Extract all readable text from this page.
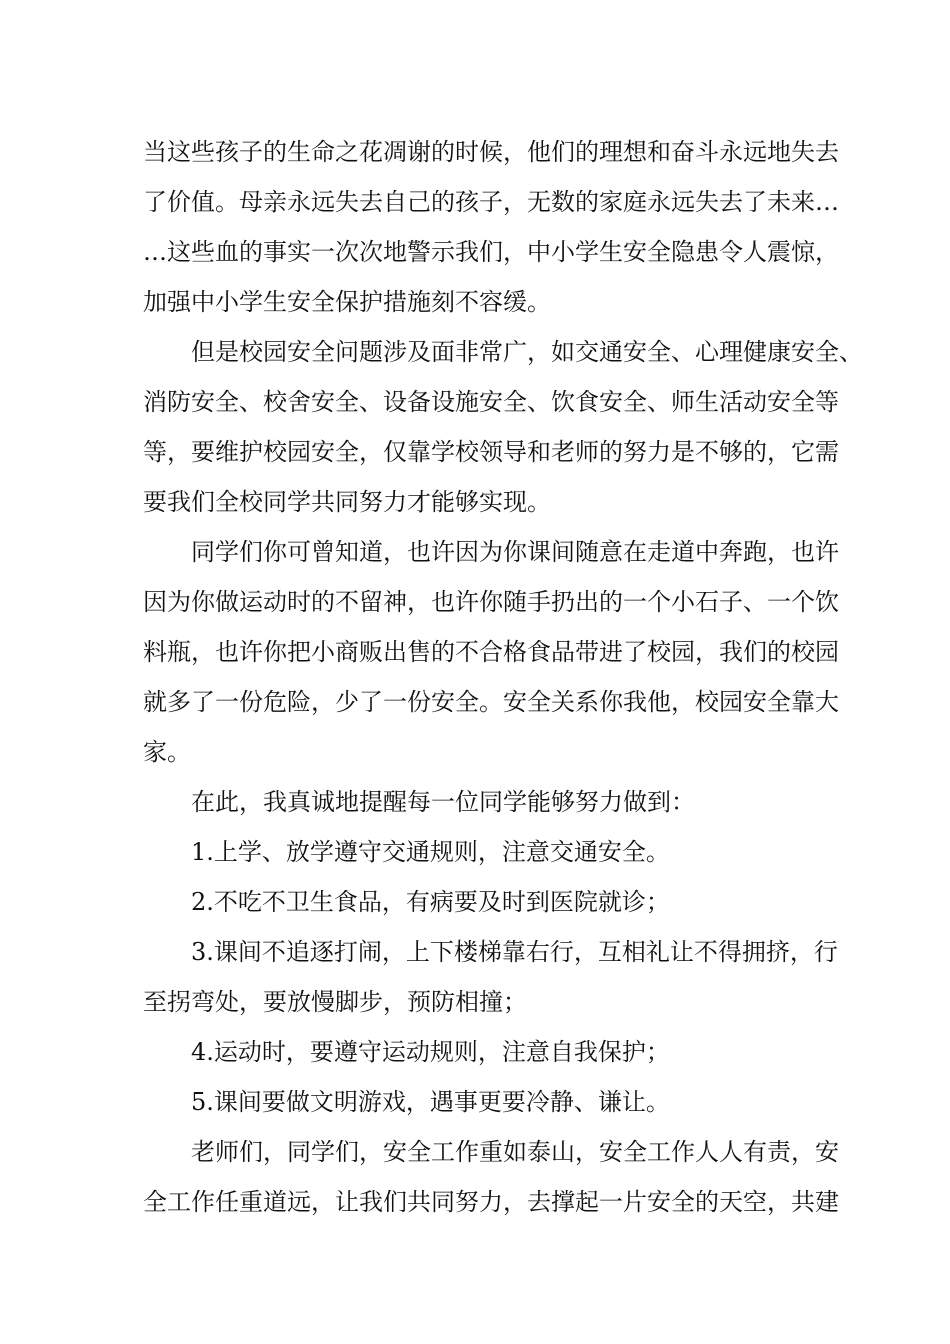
当这些孩子的生命之花凋谢的时候，他们的理想和奋斗永远地失去

了价值。母亲永远失去自己的孩子，无数的家庭永远失去了未来…

…这些血的事实一次次地警示我们，中小学生安全隐患令人震惊，

加强中小学生安全保护措施刻不容缓。

但是校园安全问题涉及面非常广，如交通安全、心理健康安全、

消防安全、校舍安全、设备设施安全、饮食安全、师生活动安全等

等，要维护校园安全，仅靠学校领导和老师的努力是不够的，它需

要我们全校同学共同努力才能够实现。

同学们你可曾知道，也许因为你课间随意在走道中奔跑，也许

因为你做运动时的不留神，也许你随手扔出的一个小石子、一个饮

料瓶，也许你把小商贩出售的不合格食品带进了校园，我们的校园

就多了一份危险，少了一份安全。安全关系你我他，校园安全靠大

家。

在此，我真诚地提醒每一位同学能够努力做到：

1.上学、放学遵守交通规则，注意交通安全。

2.不吃不卫生食品，有病要及时到医院就诊；

3.课间不追逐打闹，上下楼梯靠右行，互相礼让不得拥挤，行

至拐弯处，要放慢脚步，预防相撞；

4.运动时，要遵守运动规则，注意自我保护；

5.课间要做文明游戏，遇事更要冷静、谦让。

老师们，同学们，安全工作重如泰山，安全工作人人有责，安

全工作任重道远，让我们共同努力，去撑起一片安全的天空，共建
